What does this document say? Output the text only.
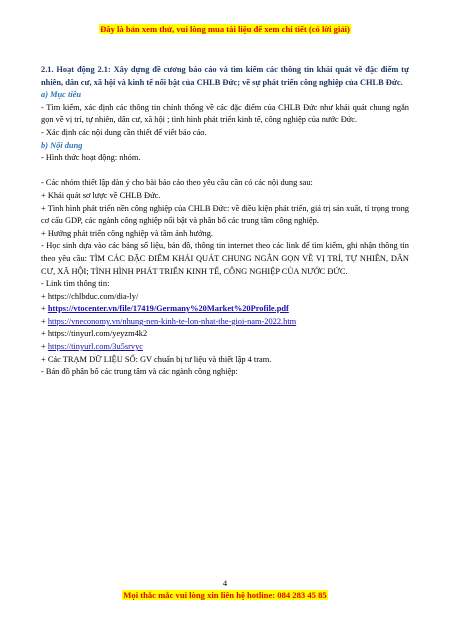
Đây là bản xem thử, vui lòng mua tài liệu để xem chi tiết (có lời giải)

2.1. Hoạt động 2.1: Xây dựng đề cương báo cáo và tìm kiếm các thông tin khái quát về đặc điểm tự nhiên, dân cư, xã hội và kinh tế nổi bật của CHLB Đức; vẽ sự phát triển công nghiệp của CHLB Đức.

a) Mục tiêu

- Tìm kiếm, xác định các thông tin chính thống về các đặc điểm của CHLB Đức như khái quát chung ngắn gọn về vị trí, tự nhiên, dân cư, xã hội ; tình hình phát triển kinh tế, công nghiệp của nước Đức.

- Xác định các nội dung cần thiết để viết báo cáo.

b) Nội dung

- Hình thức hoạt động: nhóm.

- Các nhóm thiết lập dàn ý cho bài báo cáo theo yêu cầu cần có các nội dung sau:

+ Khái quát sơ lược về CHLB Đức.

+ Tình hình phát triển nền công nghiệp của CHLB Đức: về điều kiện phát triển, giá trị sản xuất, tỉ trọng trong cơ cấu GDP, các ngành công nghiệp nổi bật và phân bố các trung tâm công nghiệp.

+ Hướng phát triển công nghiệp và tầm ảnh hưởng.

- Học sinh dựa vào các bảng số liệu, bản đồ, thông tin internet theo các link để tìm kiếm, ghi nhận thông tin theo yêu cầu: TÌM CÁC ĐẶC ĐIỂM KHÁI QUÁT CHUNG NGẮN GỌN VỀ VỊ TRÍ, TỰ NHIÊN, DÂN CƯ, XÃ HỘI; TÌNH HÌNH PHÁT TRIỂN KINH TẾ, CÔNG NGHIỆP CỦA NƯỚC ĐỨC.

- Link tìm thông tin:

+ https://chlbduc.com/dia-ly/

+ https://vtocenter.vn/file/17419/Germany%20Market%20Profile.pdf

+ https://vneconomy.vn/nhung-nen-kinh-te-lon-nhat-the-gioi-nam-2022.htm

+ https://tinyurl.com/yeyzm4k2

+ https://tinyurl.com/3u5srvyc

+ Các TRẠM DỮ LIỆU SỐ: GV chuẩn bị tư liệu và thiết lập 4 tram.

- Bản đồ phân bố các trung tâm và các ngành công nghiệp:

4
Mọi thắc mắc vui lòng xin liên hệ hotline: 084 283 45 85
